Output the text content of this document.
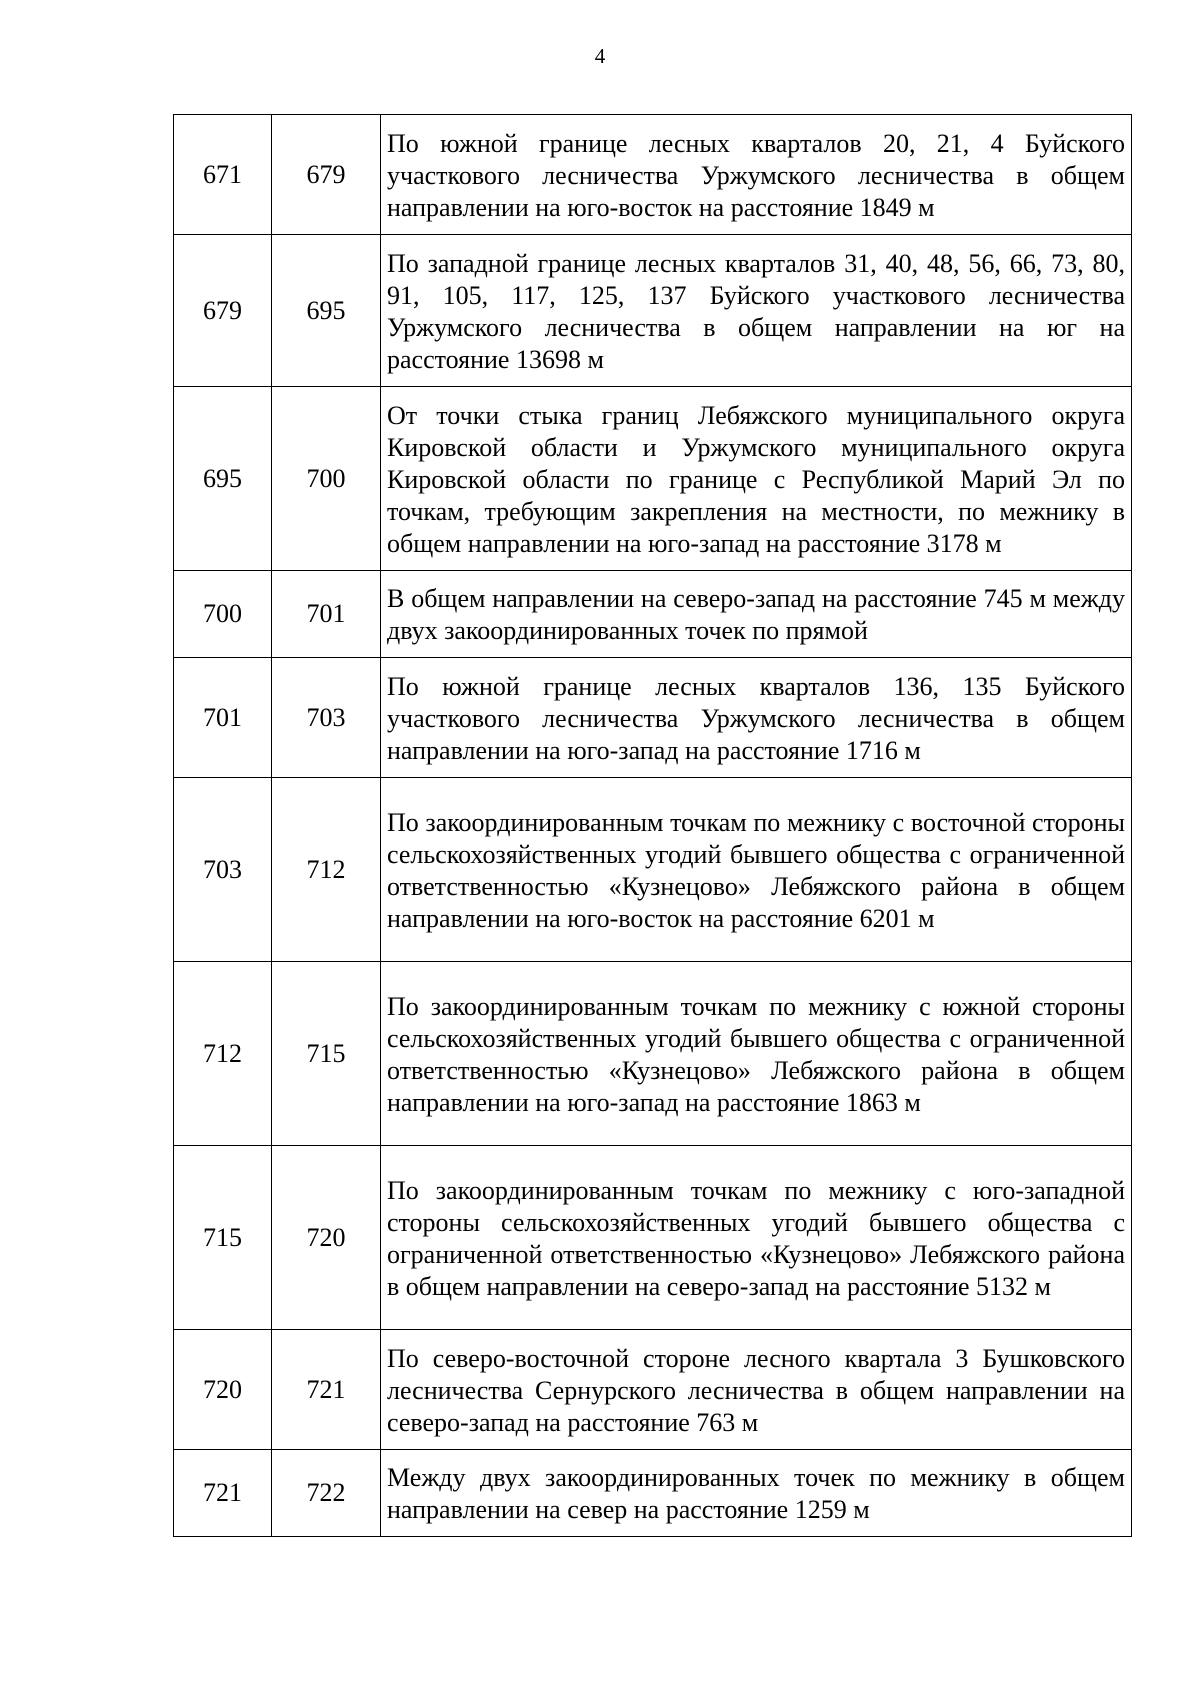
4
671	679	По южной границе лесных кварталов 20, 21, 4 Буйского участкового лесничества Уржумского лесничества в общем направлении на юго-восток на расстояние 1849 м
679	695	По западной границе лесных кварталов 31, 40, 48, 56, 66, 73, 80, 91, 105, 117, 125, 137 Буйского участкового лесничества Уржумского лесничества в общем направлении на юг на расстояние 13698 м
695	700	От точки стыка границ Лебяжского муниципального округа Кировской области и Уржумского муниципального округа Кировской области по границе с Республикой Марий Эл по точкам, требующим закрепления на местности, по межнику в общем направлении на юго-запад на расстояние 3178 м
700	701	В общем направлении на северо-запад на расстояние 745 м между двух закоординированных точек по прямой
701	703	По южной границе лесных кварталов 136, 135 Буйского участкового лесничества Уржумского лесничества в общем направлении на юго-запад на расстояние 1716 м
703	712	По закоординированным точкам по межнику с восточной стороны сельскохозяйственных угодий бывшего общества с ограниченной ответственностью «Кузнецово» Лебяжского района в общем направлении на юго-восток на расстояние 6201 м
712	715	По закоординированным точкам по межнику с южной стороны сельскохозяйственных угодий бывшего общества с ограниченной ответственностью «Кузнецово» Лебяжского района в общем направлении на юго-запад на расстояние 1863 м
715	720	По закоординированным точкам по межнику с юго-западной стороны сельскохозяйственных угодий бывшего общества с ограниченной ответственностью «Кузнецово» Лебяжского района в общем направлении на северо-запад на расстояние 5132 м
720	721	По северо-восточной стороне лесного квартала 3 Бушковского лесничества Сернурского лесничества в общем направлении на северо-запад на расстояние 763 м
721	722	Между двух закоординированных точек по межнику в общем направлении на север на расстояние 1259 м
